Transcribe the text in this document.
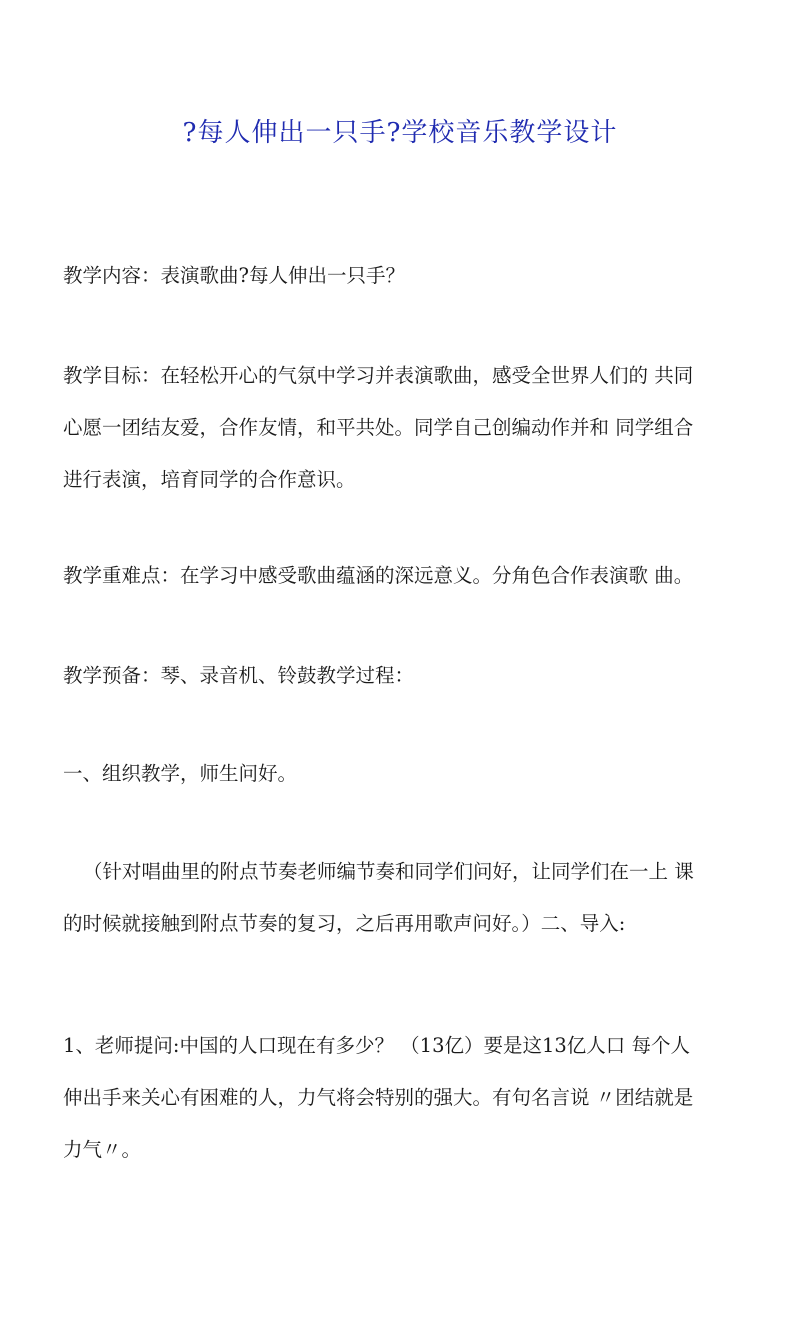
?每人伸出一只手?学校音乐教学设计

教学内容：表演歌曲?每人伸出一只手？

教学目标：在轻松开心的气氛中学习并表演歌曲，感受全世界人们的 共同
心愿一团结友爱，合作友情，和平共处。同学自己创编动作并和 同学组合
进行表演，培育同学的合作意识。

教学重难点：在学习中感受歌曲蕴涵的深远意义。分角色合作表演歌 曲。

教学预备：琴、录音机、铃鼓教学过程：

一、组织教学，师生问好。

（针对唱曲里的附点节奏老师编节奏和同学们问好，让同学们在一上 课
的时候就接触到附点节奏的复习，之后再用歌声问好。）二、导入:

1、老师提问:中国的人口现在有多少？ （13亿）要是这13亿人口 每个人
伸出手来关心有困难的人，力气将会特别的强大。有句名言说 〃团结就是
力气〃。
